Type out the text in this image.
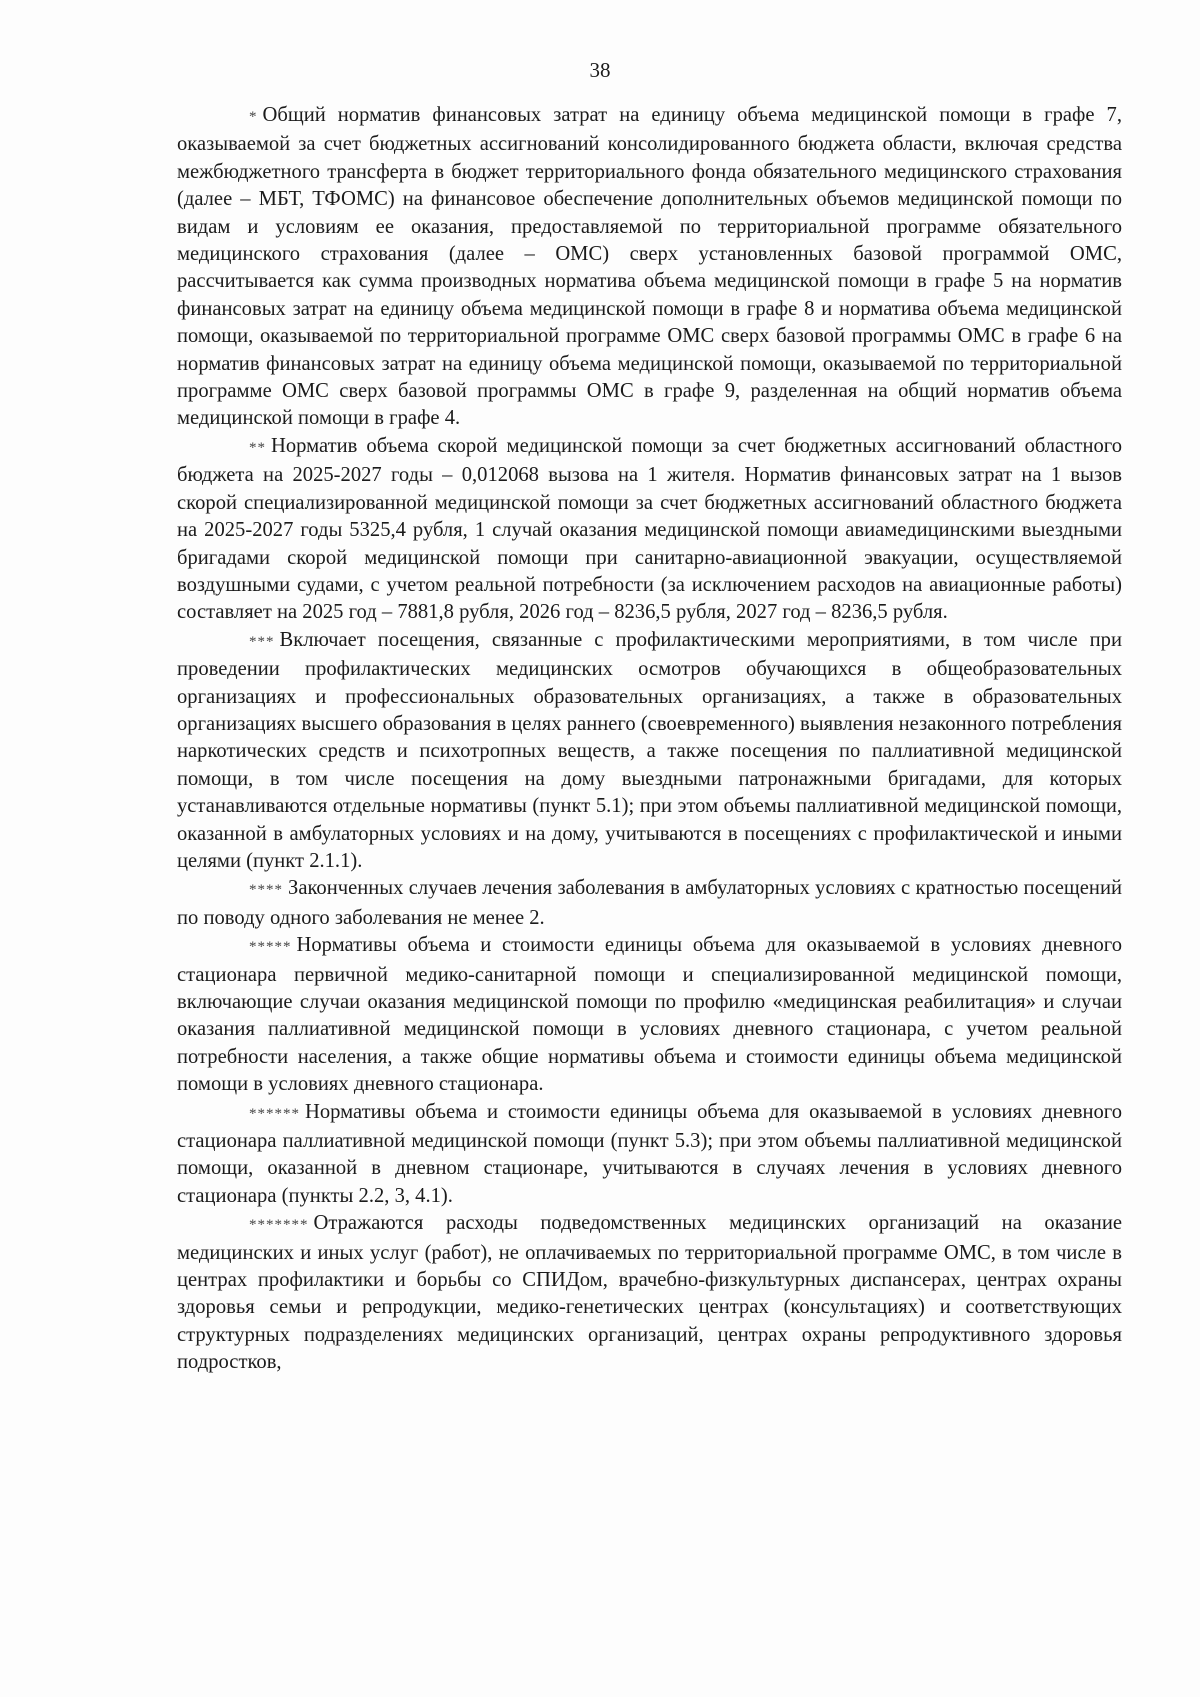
38

* Общий норматив финансовых затрат на единицу объема медицинской помощи в графе 7, оказываемой за счет бюджетных ассигнований консолидированного бюджета области, включая средства межбюджетного трансферта в бюджет территориального фонда обязательного медицинского страхования (далее – МБТ, ТФОМС) на финансовое обеспечение дополнительных объемов медицинской помощи по видам и условиям ее оказания, предоставляемой по территориальной программе обязательного медицинского страхования (далее – ОМС) сверх установленных базовой программой ОМС, рассчитывается как сумма производных норматива объема медицинской помощи в графе 5 на норматив финансовых затрат на единицу объема медицинской помощи в графе 8 и норматива объема медицинской помощи, оказываемой по территориальной программе ОМС сверх базовой программы ОМС в графе 6 на норматив финансовых затрат на единицу объема медицинской помощи, оказываемой по территориальной программе ОМС сверх базовой программы ОМС в графе 9, разделенная на общий норматив объема медицинской помощи в графе 4.

** Норматив объема скорой медицинской помощи за счет бюджетных ассигнований областного бюджета на 2025-2027 годы – 0,012068 вызова на 1 жителя. Норматив финансовых затрат на 1 вызов скорой специализированной медицинской помощи за счет бюджетных ассигнований областного бюджета на 2025-2027 годы 5325,4 рубля, 1 случай оказания медицинской помощи авиамедицинскими выездными бригадами скорой медицинской помощи при санитарно-авиационной эвакуации, осуществляемой воздушными судами, с учетом реальной потребности (за исключением расходов на авиационные работы) составляет на 2025 год – 7881,8 рубля, 2026 год – 8236,5 рубля, 2027 год – 8236,5 рубля.

*** Включает посещения, связанные с профилактическими мероприятиями, в том числе при проведении профилактических медицинских осмотров обучающихся в общеобразовательных организациях и профессиональных образовательных организациях, а также в образовательных организациях высшего образования в целях раннего (своевременного) выявления незаконного потребления наркотических средств и психотропных веществ, а также посещения по паллиативной медицинской помощи, в том числе посещения на дому выездными патронажными бригадами, для которых устанавливаются отдельные нормативы (пункт 5.1); при этом объемы паллиативной медицинской помощи, оказанной в амбулаторных условиях и на дому, учитываются в посещениях с профилактической и иными целями (пункт 2.1.1).

**** Законченных случаев лечения заболевания в амбулаторных условиях с кратностью посещений по поводу одного заболевания не менее 2.

***** Нормативы объема и стоимости единицы объема для оказываемой в условиях дневного стационара первичной медико-санитарной помощи и специализированной медицинской помощи, включающие случаи оказания медицинской помощи по профилю «медицинская реабилитация» и случаи оказания паллиативной медицинской помощи в условиях дневного стационара, с учетом реальной потребности населения, а также общие нормативы объема и стоимости единицы объема медицинской помощи в условиях дневного стационара.

****** Нормативы объема и стоимости единицы объема для оказываемой в условиях дневного стационара паллиативной медицинской помощи (пункт 5.3); при этом объемы паллиативной медицинской помощи, оказанной в дневном стационаре, учитываются в случаях лечения в условиях дневного стационара (пункты 2.2, 3, 4.1).

******* Отражаются расходы подведомственных медицинских организаций на оказание медицинских и иных услуг (работ), не оплачиваемых по территориальной программе ОМС, в том числе в центрах профилактики и борьбы со СПИДом, врачебно-физкультурных диспансерах, центрах охраны здоровья семьи и репродукции, медико-генетических центрах (консультациях) и соответствующих структурных подразделениях медицинских организаций, центрах охраны репродуктивного здоровья подростков,
